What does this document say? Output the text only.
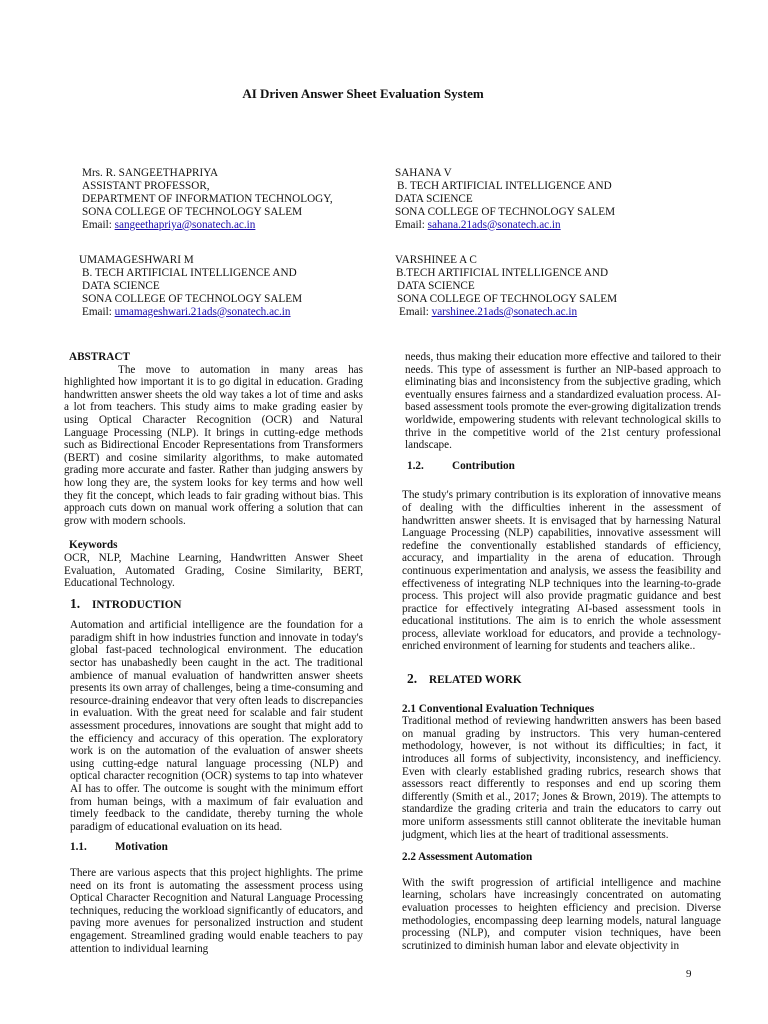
AI Driven Answer Sheet Evaluation System
Mrs. R. SANGEETHAPRIYA
ASSISTANT PROFESSOR,
DEPARTMENT OF INFORMATION TECHNOLOGY,
SONA COLLEGE OF TECHNOLOGY SALEM
Email: sangeethapriya@sonatech.ac.in
SAHANA V
B. TECH ARTIFICIAL INTELLIGENCE AND
DATA SCIENCE
SONA COLLEGE OF TECHNOLOGY SALEM
Email: sahana.21ads@sonatech.ac.in
UMAMAGESHWARI M
B. TECH ARTIFICIAL INTELLIGENCE AND
DATA SCIENCE
SONA COLLEGE OF TECHNOLOGY SALEM
Email: umamageshwari.21ads@sonatech.ac.in
VARSHINEE A C
B.TECH ARTIFICIAL INTELLIGENCE AND
DATA SCIENCE
SONA COLLEGE OF TECHNOLOGY SALEM
Email: varshinee.21ads@sonatech.ac.in
ABSTRACT

The move to automation in many areas has highlighted how important it is to go digital in education. Grading handwritten answer sheets the old way takes a lot of time and asks a lot from teachers. This study aims to make grading easier by using Optical Character Recognition (OCR) and Natural Language Processing (NLP). It brings in cutting-edge methods such as Bidirectional Encoder Representations from Transformers (BERT) and cosine similarity algorithms, to make automated grading more accurate and faster. Rather than judging answers by how long they are, the system looks for key terms and how well they fit the concept, which leads to fair grading without bias. This approach cuts down on manual work offering a solution that can grow with modern schools.

Keywords

OCR, NLP, Machine Learning, Handwritten Answer Sheet Evaluation, Automated Grading, Cosine Similarity, BERT, Educational Technology.

1. INTRODUCTION

Automation and artificial intelligence are the foundation for a paradigm shift in how industries function and innovate in today's global fast-paced technological environment. The education sector has unabashedly been caught in the act. The traditional ambience of manual evaluation of handwritten answer sheets presents its own array of challenges, being a time-consuming and resource-draining endeavor that very often leads to discrepancies in evaluation. With the great need for scalable and fair student assessment procedures, innovations are sought that might add to the efficiency and accuracy of this operation. The exploratory work is on the automation of the evaluation of answer sheets using cutting-edge natural language processing (NLP) and optical character recognition (OCR) systems to tap into whatever AI has to offer. The outcome is sought with the minimum effort from human beings, with a maximum of fair evaluation and timely feedback to the candidate, thereby turning the whole paradigm of educational evaluation on its head.

1.1.	Motivation

There are various aspects that this project highlights. The prime need on its front is automating the assessment process using Optical Character Recognition and Natural Language Processing techniques, reducing the workload significantly of educators, and paving more avenues for personalized instruction and student engagement. Streamlined grading would enable teachers to pay attention to individual learning

needs, thus making their education more effective and tailored to their needs. This type of assessment is further an NlP-based approach to eliminating bias and inconsistency from the subjective grading, which eventually ensures fairness and a standardized evaluation process. AI-based assessment tools promote the ever-growing digitalization trends worldwide, empowering students with relevant technological skills to thrive in the competitive world of the 21st century professional landscape.

1.2.	Contribution

The study's primary contribution is its exploration of innovative means of dealing with the difficulties inherent in the assessment of handwritten answer sheets. It is envisaged that by harnessing Natural Language Processing (NLP) capabilities, innovative assessment will redefine the conventionally established standards of efficiency, accuracy, and impartiality in the arena of education. Through continuous experimentation and analysis, we assess the feasibility and effectiveness of integrating NLP techniques into the learning-to-grade process. This project will also provide pragmatic guidance and best practice for effectively integrating AI-based assessment tools in educational institutions. The aim is to enrich the whole assessment process, alleviate workload for educators, and provide a technology-enriched environment of learning for students and teachers alike..

2. RELATED WORK
2.1 Conventional Evaluation Techniques

Traditional method of reviewing handwritten answers has been based on manual grading by instructors. This very human-centered methodology, however, is not without its difficulties; in fact, it introduces all forms of subjectivity, inconsistency, and inefficiency. Even with clearly established grading rubrics, research shows that assessors react differently to responses and end up scoring them differently (Smith et al., 2017; Jones & Brown, 2019). The attempts to standardize the grading criteria and train the educators to carry out more uniform assessments still cannot obliterate the inevitable human judgment, which lies at the heart of traditional assessments.

2.2 Assessment Automation

With the swift progression of artificial intelligence and machine learning, scholars have increasingly concentrated on automating evaluation processes to heighten efficiency and precision. Diverse methodologies, encompassing deep learning models, natural language processing (NLP), and computer vision techniques, have been scrutinized to diminish human labor and elevate objectivity in

9
